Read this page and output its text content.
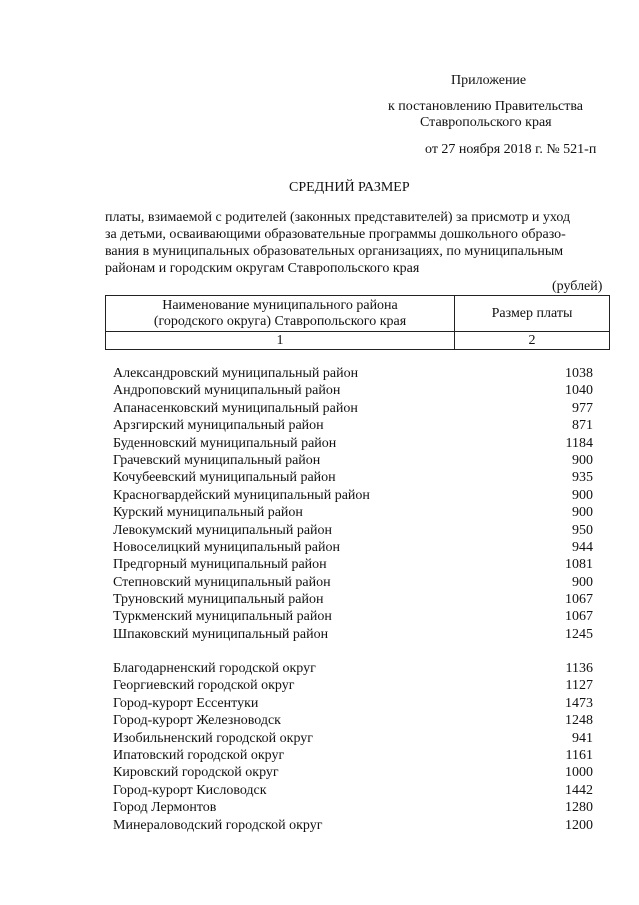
Приложение
к постановлению Правительства
Ставропольского края
от 27 ноября 2018 г. № 521-п
СРЕДНИЙ РАЗМЕР
платы, взимаемой с родителей (законных представителей) за присмотр и уход
за детьми, осваивающими образовательные программы дошкольного образо-
вания в муниципальных образовательных организациях, по муниципальным
районам и городским округам Ставропольского края
(рублей)
Наименование муниципального района
(городского округа) Ставропольского края	Размер платы
1	2
Александровский муниципальный район	1038
Андроповский муниципальный район	1040
Апанасенковский муниципальный район	977
Арзгирский муниципальный район	871
Буденновский муниципальный район	1184
Грачевский муниципальный район	900
Кочубеевский муниципальный район	935
Красногвардейский муниципальный район	900
Курский муниципальный район	900
Левокумский муниципальный район	950
Новоселицкий муниципальный район	944
Предгорный муниципальный район	1081
Степновский муниципальный район	900
Труновский муниципальный район	1067
Туркменский муниципальный район	1067
Шпаковский муниципальный район	1245
Благодарненский городской округ	1136
Георгиевский городской округ	1127
Город-курорт Ессентуки	1473
Город-курорт Железноводск	1248
Изобильненский городской округ	941
Ипатовский городской округ	1161
Кировский городской округ	1000
Город-курорт Кисловодск	1442
Город Лермонтов	1280
Минераловодский городской округ	1200
